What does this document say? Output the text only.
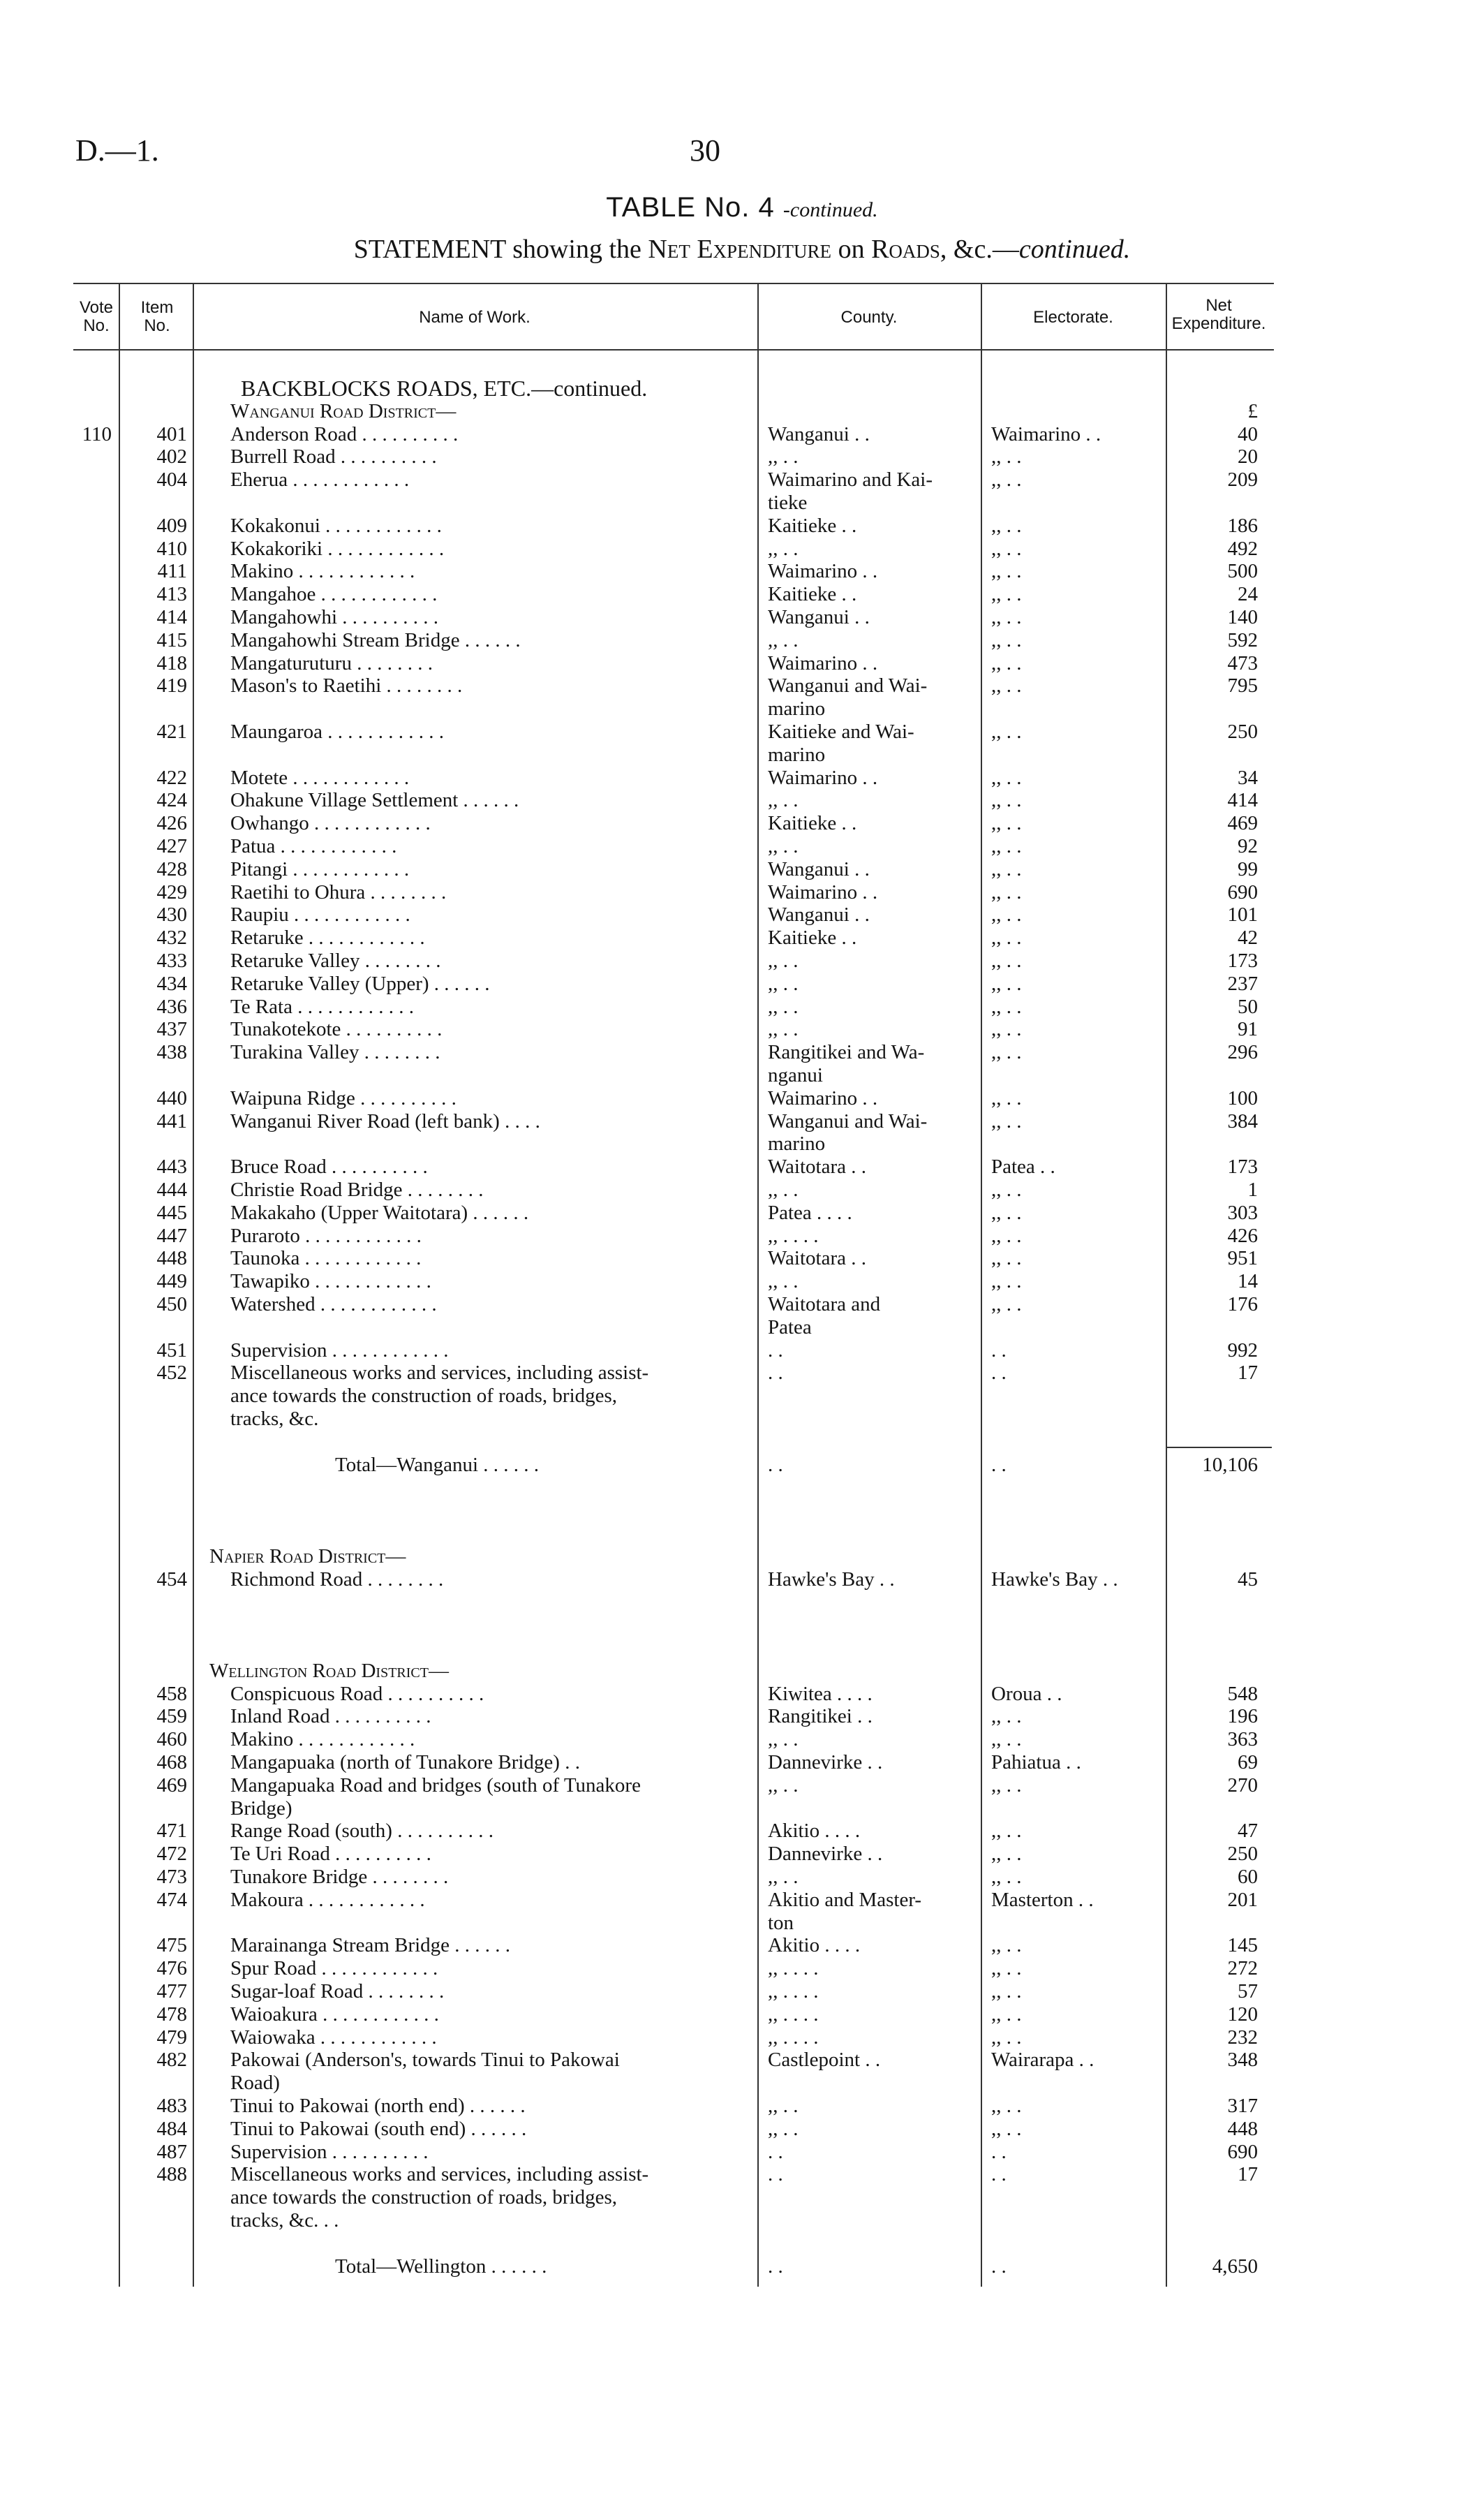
D.—1.	30
TABLE No. 4 -continued.
STATEMENT showing the Net Expenditure on Roads, &c.—continued.
Vote No.
Item No.	Name of Work.	County.	Electorate.
Net Expenditure.
BACKBLOCKS ROADS, ETC.—continued.
Wanganui Road District—	£
110	401 Anderson Road . . . . . . . . . .	Wanganui . .	Waimarino . .	40
402 Burrell Road . . . . . . . . . .	,, . .	,, . .	20
404 Eherua . . . . . . . . . . . .	Waimarino and Kai-	,, . .	209
tieke
409 Kokakonui . . . . . . . . . . . .	Kaitieke . .	,, . .	186
410 Kokakoriki . . . . . . . . . . . .	,, . .	,, . .	492
411 Makino . . . . . . . . . . . .	Waimarino . .	,, . .	500
413 Mangahoe . . . . . . . . . . . .	Kaitieke . .	,, . .	24
414 Mangahowhi . . . . . . . . . .	Wanganui . .	,, . .	140
415 Mangahowhi Stream Bridge . . . . . .	,, . .	,, . .	592
418 Mangaturuturu . . . . . . . .	Waimarino . .	,, . .	473
419 Mason's to Raetihi . . . . . . . .	Wanganui and Wai-	,, . .	795
marino
421 Maungaroa . . . . . . . . . . . .	Kaitieke and Wai-	,, . .	250
marino
422 Motete . . . . . . . . . . . .	Waimarino . .	,, . .	34
424 Ohakune Village Settlement . . . . . .	,, . .	,, . .	414
426 Owhango . . . . . . . . . . . .	Kaitieke . .	,, . .	469
427 Patua . . . . . . . . . . . .	,, . .	,, . .	92
428 Pitangi . . . . . . . . . . . .	Wanganui . .	,, . .	99
429 Raetihi to Ohura . . . . . . . .	Waimarino . .	,, . .	690
430 Raupiu . . . . . . . . . . . .	Wanganui . .	,, . .	101
432 Retaruke . . . . . . . . . . . .	Kaitieke . .	,, . .	42
433 Retaruke Valley . . . . . . . .	,, . .	,, . .	173
434 Retaruke Valley (Upper) . . . . . .	,, . .	,, . .	237
436 Te Rata . . . . . . . . . . . .	,, . .	,, . .	50
437 Tunakotekote . . . . . . . . . .	,, . .	,, . .	91
438 Turakina Valley . . . . . . . .	Rangitikei and Wa-	,, . .	296
nganui
440 Waipuna Ridge . . . . . . . . . .	Waimarino . .	,, . .	100
441 Wanganui River Road (left bank) . . . .	Wanganui and Wai-	,, . .	384
marino
443 Bruce Road . . . . . . . . . .	Waitotara . .	Patea . .	173
444 Christie Road Bridge . . . . . . . .	,, . .	,, . .	1
445 Makakaho (Upper Waitotara) . . . . . .	Patea . . . .	,, . .	303
447 Puraroto . . . . . . . . . . . .	,, . . . .	,, . .	426
448 Taunoka . . . . . . . . . . . .	Waitotara . .	,, . .	951
449 Tawapiko . . . . . . . . . . . .	,, . .	,, . .	14
450 Watershed . . . . . . . . . . . .	Waitotara and	,, . .	176
Patea
451 Supervision . . . . . . . . . . . .	. .	. .	992
452 Miscellaneous works and services, including assist-	. .	. .	17
ance towards the construction of roads, bridges,
tracks, &c.
Total—Wanganui . . . . . .	. .	. .	10,106
Napier Road District—
454 Richmond Road . . . . . . . .	Hawke's Bay . .	Hawke's Bay . .	45
Wellington Road District—
458 Conspicuous Road . . . . . . . . . .	Kiwitea . . . .	Oroua . .	548
459 Inland Road . . . . . . . . . .	Rangitikei . .	,, . .	196
460 Makino . . . . . . . . . . . .	,, . .	,, . .	363
468 Mangapuaka (north of Tunakore Bridge) . .	Dannevirke . .	Pahiatua . .	69
469 Mangapuaka Road and bridges (south of Tunakore	,, . .	,, . .	270
Bridge)
471 Range Road (south) . . . . . . . . . .	Akitio . . . .	,, . .	47
472 Te Uri Road . . . . . . . . . .	Dannevirke . .	,, . .	250
473 Tunakore Bridge . . . . . . . .	,, . .	,, . .	60
474 Makoura . . . . . . . . . . . .	Akitio and Master-	Masterton . .	201
ton
475 Marainanga Stream Bridge . . . . . .	Akitio . . . .	,, . .	145
476 Spur Road . . . . . . . . . . . .	,, . . . .	,, . .	272
477 Sugar-loaf Road . . . . . . . .	,, . . . .	,, . .	57
478 Waioakura . . . . . . . . . . . .	,, . . . .	,, . .	120
479 Waiowaka . . . . . . . . . . . .	,, . . . .	,, . .	232
482 Pakowai (Anderson's, towards Tinui to Pakowai	Castlepoint . .	Wairarapa . .	348
Road)
483 Tinui to Pakowai (north end) . . . . . .	,, . .	,, . .	317
484 Tinui to Pakowai (south end) . . . . . .	,, . .	,, . .	448
487 Supervision . . . . . . . . . .	. .	. .	690
488 Miscellaneous works and services, including assist-	. .	. .	17
ance towards the construction of roads, bridges,
tracks, &c. . .
Total—Wellington . . . . . .	. .	. .	4,650
